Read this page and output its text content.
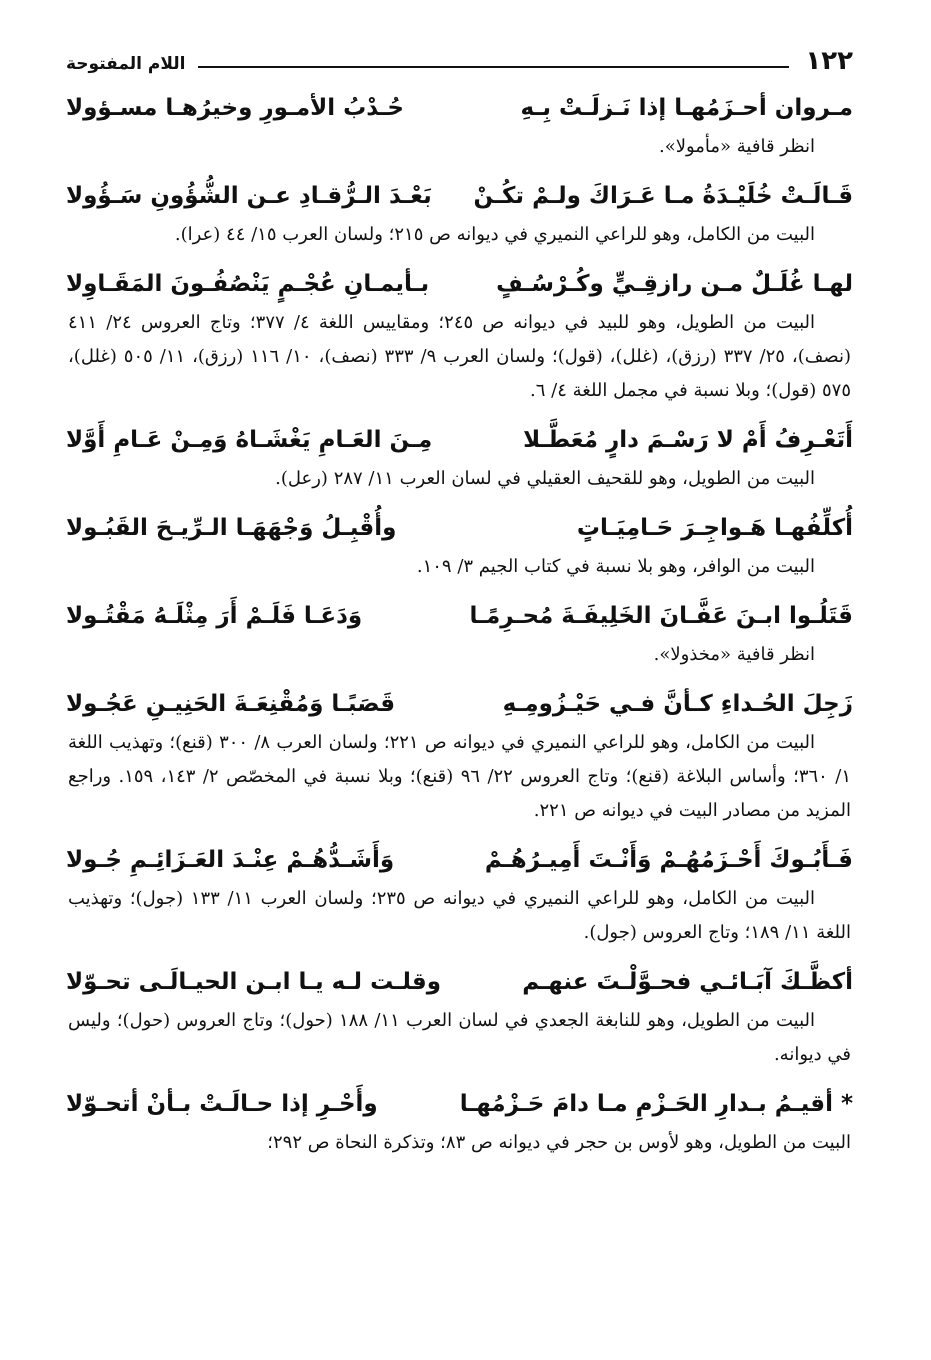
١٢٢
اللام المفتوحة
مـروان أحـزَمُهـا إذا نَـزلَـتْ بِـهِ
حُـدْبُ الأمـورِ وخيرُهـا مسـؤولا

انظر قافية «مأمولا».

قَـالَـتْ خُلَيْـدَةُ مـا عَـرَاكَ ولـمْ تكُـنْ
بَعْـدَ الـرُّقـادِ عـن الشُّؤُونِ سَـؤُولا

البيت من الكامل، وهو للراعي النميري في ديوانه ص ٢١٥؛ ولسان العرب ١٥/ ٤٤ (عرا).

لهـا غُلَـلٌ مـن رازقِـيٍّ وكُـرْسُـفٍ
بـأيمـانِ عُجْـمٍ يَنْصُفُـونَ المَقَـاوِلا

البيت من الطويل، وهو للبيد في ديوانه ص ٢٤٥؛ ومقاييس اللغة ٤/ ٣٧٧؛ وتاج العروس ٢٤/ ٤١١ (نصف)، ٢٥/ ٣٣٧ (رزق)، (غلل)، (قول)؛ ولسان العرب ٩/ ٣٣٣ (نصف)، ١٠/ ١١٦ (رزق)، ١١/ ٥٠٥ (غلل)، ٥٧٥ (قول)؛ وبلا نسبة في مجمل اللغة ٤/ ٦.

أَتَعْـرِفُ أَمْ لا رَسْـمَ دارٍ مُعَطَّـلا
مِـنَ العَـامِ يَغْشَـاهُ وَمِـنْ عَـامِ أَوَّلا

البيت من الطويل، وهو للقحيف العقيلي في لسان العرب ١١/ ٢٨٧ (رعل).

أُكلِّفُهـا هَـواجِـرَ حَـامِيَـاتٍ
وأُقْبِـلُ وَجْهَهَـا الـرِّيـحَ القَبُـولا

البيت من الوافر، وهو بلا نسبة في كتاب الجيم ٣/ ١٠٩.

قَتَلُـوا ابـنَ عَفَّـانَ الخَلِيفَـةَ مُحـرِمًـا
وَدَعَـا فَلَـمْ أَرَ مِثْلَـهُ مَقْتُـولا

انظر قافية «مخذولا».

زَجِلَ الحُـداءِ كـأنَّ فـي حَيْـزُومِـهِ
قَصَبًـا وَمُقْنِعَـةَ الحَنِيـنِ عَجُـولا

البيت من الكامل، وهو للراعي النميري في ديوانه ص ٢٢١؛ ولسان العرب ٨/ ٣٠٠ (قنع)؛ وتهذيب اللغة ١/ ٣٦٠؛ وأساس البلاغة (قنع)؛ وتاج العروس ٢٢/ ٩٦ (قنع)؛ وبلا نسبة في المخصّص ٢/ ١٤٣، ١٥٩. وراجع المزيد من مصادر البيت في ديوانه ص ٢٢١.

فَـأَبُـوكَ أَحْـزَمُهُـمْ وَأَنْـتَ أَمِيـرُهُـمْ
وَأَشَـدُّهُـمْ عِنْـدَ العَـزَائِـمِ جُـولا

البيت من الكامل، وهو للراعي النميري في ديوانه ص ٢٣٥؛ ولسان العرب ١١/ ١٣٣ (جول)؛ وتهذيب اللغة ١١/ ١٨٩؛ وتاج العروس (جول).

أكظَّـكَ آبَـائـي فحـوَّلْـتَ عنهـم
وقلـت لـه يـا ابـن الحيـالَـى تحـوّلا

البيت من الطويل، وهو للنابغة الجعدي في لسان العرب ١١/ ١٨٨ (حول)؛ وتاج العروس (حول)؛ وليس في ديوانه.

* أقيـمُ بـدارِ الحَـزْمِ مـا دامَ حَـزْمُهـا
وأَحْـرِ إذا حـالَـتْ بـأنْ أتحـوّلا

البيت من الطويل، وهو لأوس بن حجر في ديوانه ص ٨٣؛ وتذكرة النحاة ص ٢٩٢؛
